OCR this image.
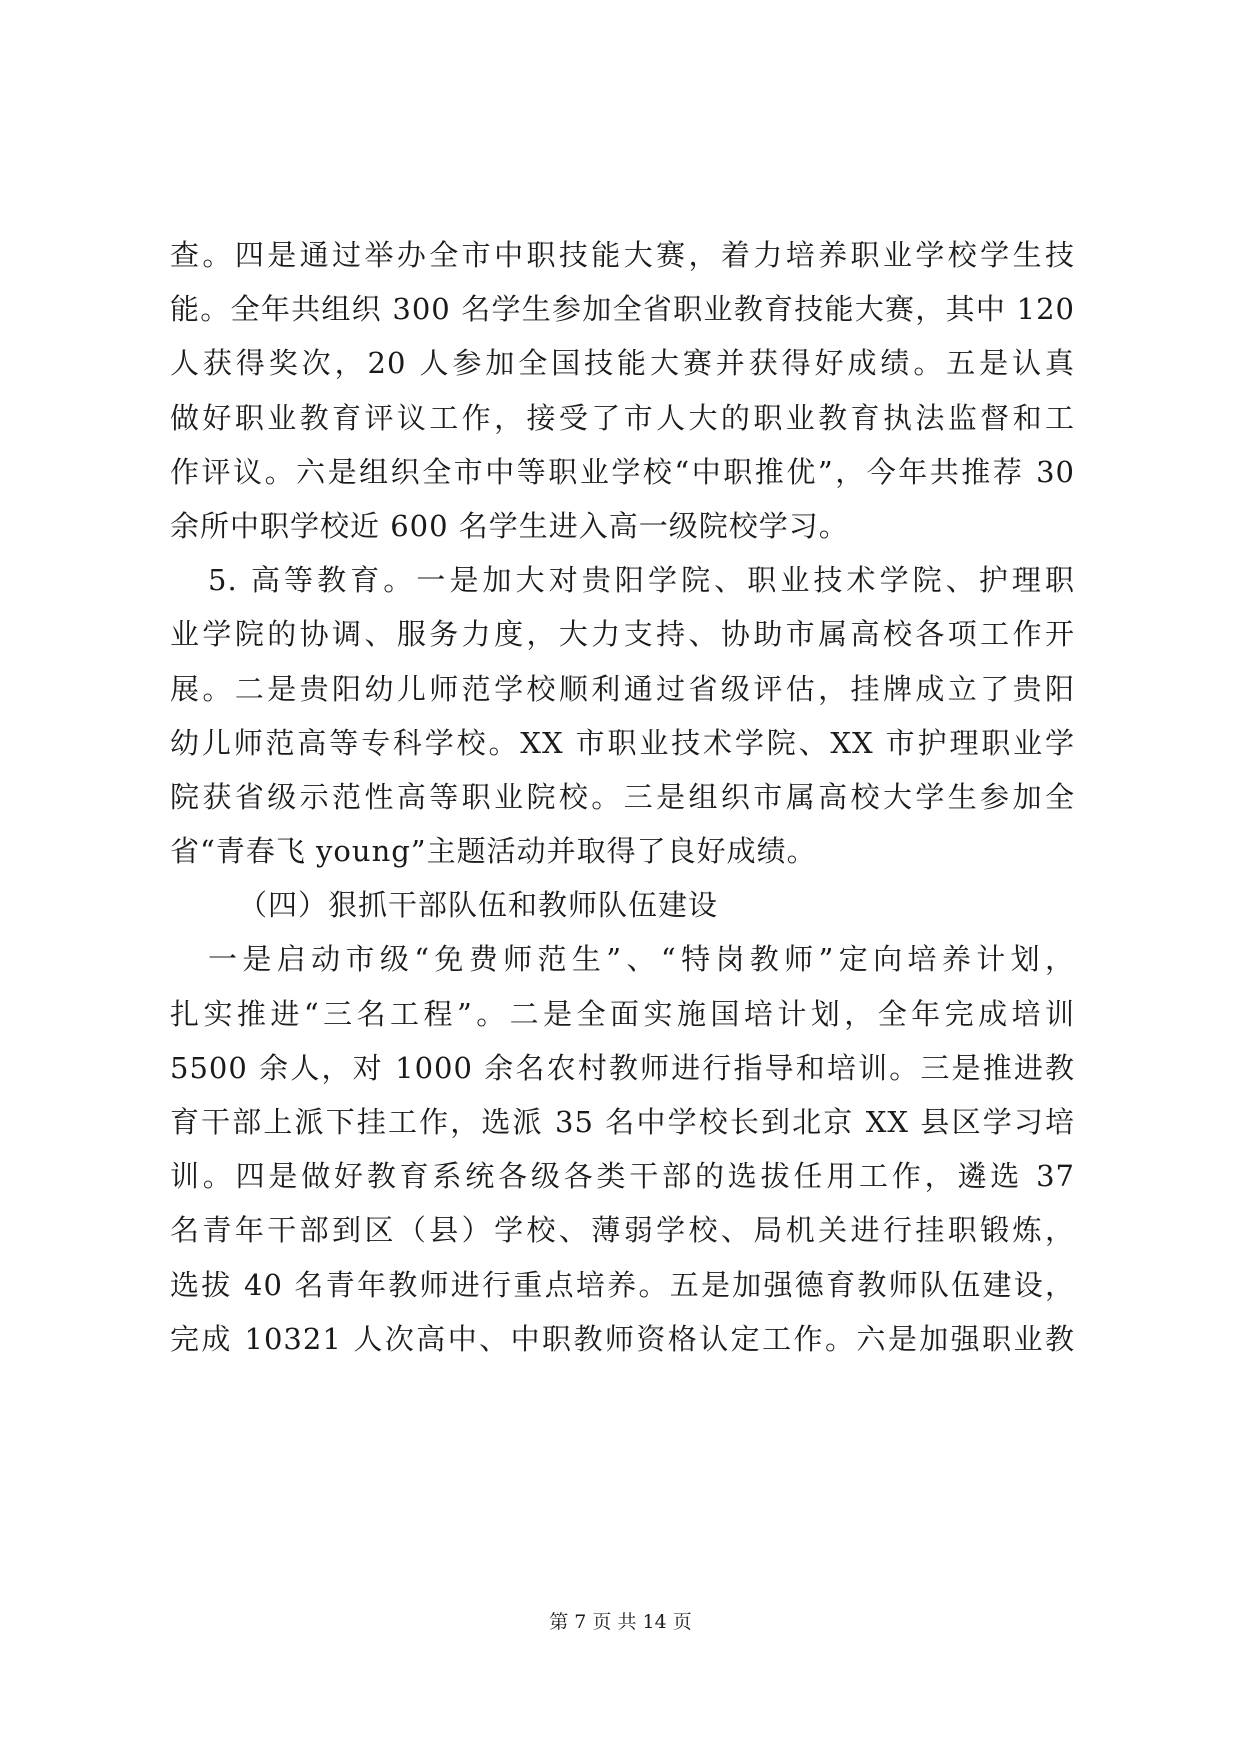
查。四是通过举办全市中职技能大赛，着力培养职业学校学生技
能。全年共组织 300 名学生参加全省职业教育技能大赛，其中 120
人获得奖次，20 人参加全国技能大赛并获得好成绩。五是认真
做好职业教育评议工作，接受了市人大的职业教育执法监督和工
作评议。六是组织全市中等职业学校“中职推优”，今年共推荐 30
余所中职学校近 600 名学生进入高一级院校学习。
5. 高等教育。一是加大对贵阳学院、职业技术学院、护理职
业学院的协调、服务力度，大力支持、协助市属高校各项工作开
展。二是贵阳幼儿师范学校顺利通过省级评估，挂牌成立了贵阳
幼儿师范高等专科学校。XX 市职业技术学院、XX 市护理职业学
院获省级示范性高等职业院校。三是组织市属高校大学生参加全
省“青春飞 young”主题活动并取得了良好成绩。
（四）狠抓干部队伍和教师队伍建设
一是启动市级“免费师范生”、“特岗教师”定向培养计划，
扎实推进“三名工程”。二是全面实施国培计划，全年完成培训
5500 余人，对 1000 余名农村教师进行指导和培训。三是推进教
育干部上派下挂工作，选派 35 名中学校长到北京 XX 县区学习培
训。四是做好教育系统各级各类干部的选拔任用工作，遴选 37
名青年干部到区（县）学校、薄弱学校、局机关进行挂职锻炼，
选拔 40 名青年教师进行重点培养。五是加强德育教师队伍建设，
完成 10321 人次高中、中职教师资格认定工作。六是加强职业教
第 7 页 共 14 页
